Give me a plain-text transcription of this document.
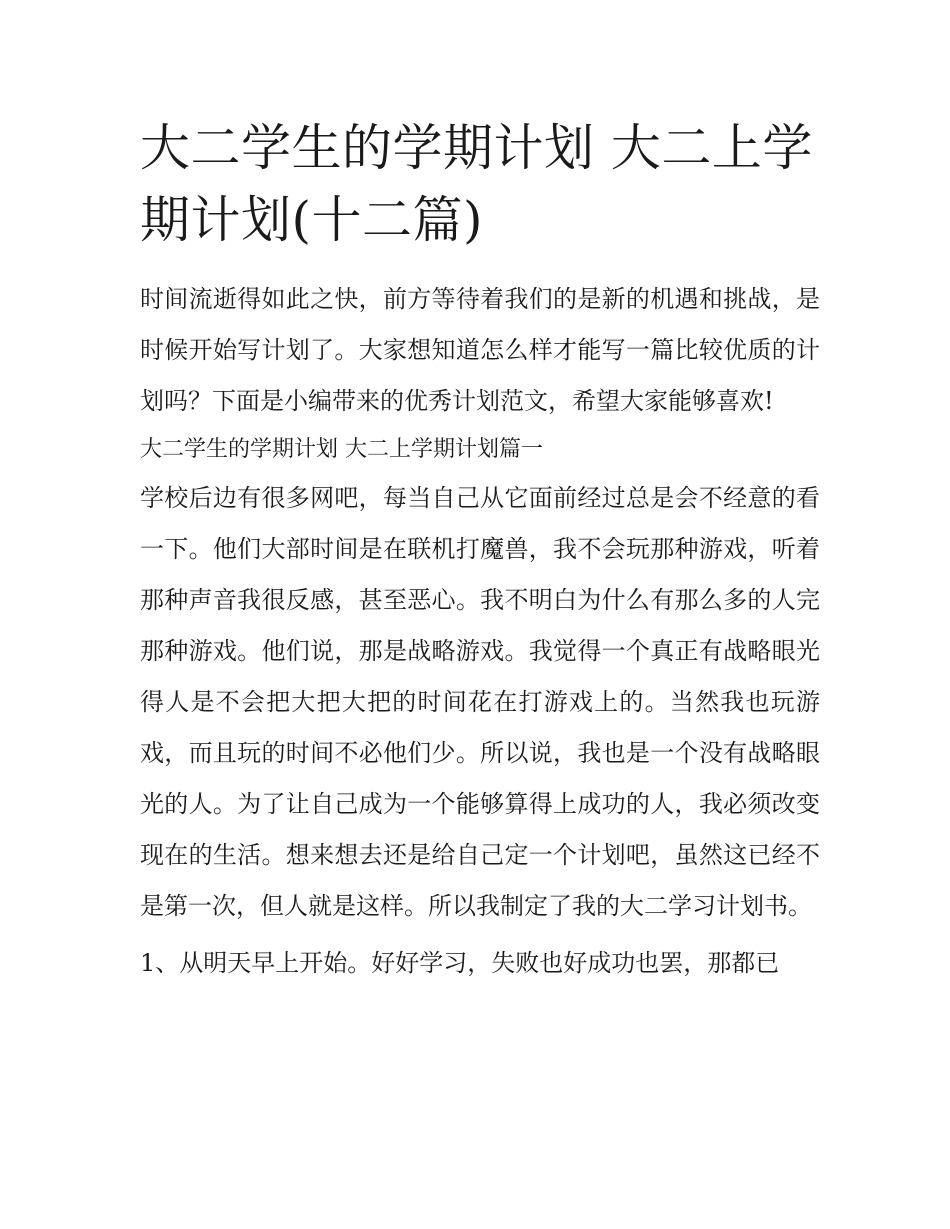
大二学生的学期计划 大二上学期计划(十二篇)

时间流逝得如此之快，前方等待着我们的是新的机遇和挑战，是时候开始写计划了。大家想知道怎么样才能写一篇比较优质的计划吗？下面是小编带来的优秀计划范文，希望大家能够喜欢!

大二学生的学期计划 大二上学期计划篇一

学校后边有很多网吧，每当自己从它面前经过总是会不经意的看一下。他们大部时间是在联机打魔兽，我不会玩那种游戏，听着那种声音我很反感，甚至恶心。我不明白为什么有那么多的人完那种游戏。他们说，那是战略游戏。我觉得一个真正有战略眼光得人是不会把大把大把的时间花在打游戏上的。当然我也玩游戏，而且玩的时间不必他们少。所以说，我也是一个没有战略眼光的人。为了让自己成为一个能够算得上成功的人，我必须改变现在的生活。想来想去还是给自己定一个计划吧，虽然这已经不是第一次，但人就是这样。所以我制定了我的大二学习计划书。

1、从明天早上开始。好好学习，失败也好成功也罢，那都已
